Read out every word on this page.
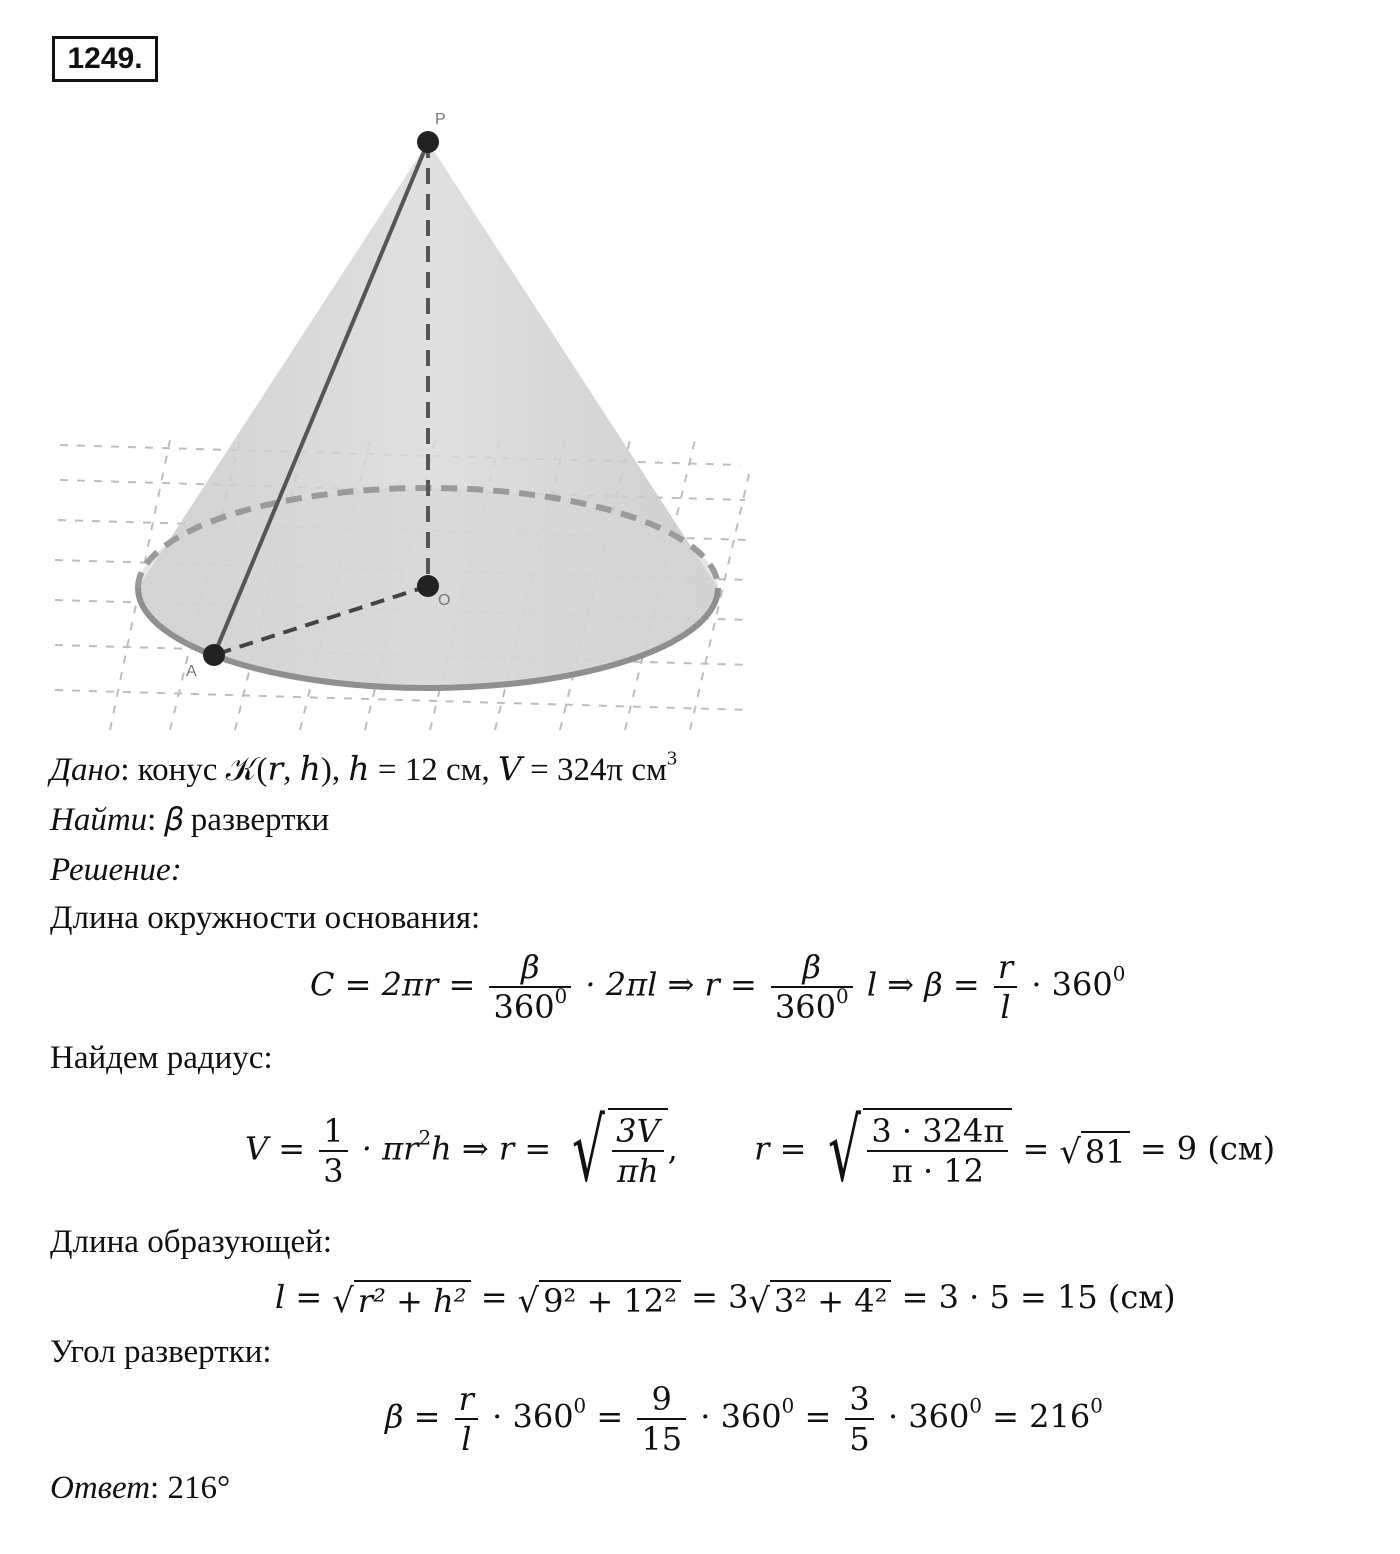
1249.
P
O
A
Дано: конус 𝒦(𝑟, ℎ), ℎ = 12 см, 𝑉 = 324π $см^3$
Найти: 𝛽 развертки
Решение:
Длина окружности основания:
$C = 2\pi r = \frac{\beta}{360^0} \cdot 2\pi l$ ⇒ $r = \frac{\beta}{360^0}$ l ⇒ $\beta = \frac{r}{l} \cdot 360^0$
Найдем радиус:
$V = \frac{1}{3} \cdot \pi r^2h$ ⇒ r = √ $\frac{3V}{\pi h}$ , r = √ $\frac{3 \cdot 324\pi}{\pi \cdot 12}$ = √ 81 = 9 (см)
Длина образующей:
l = √ r² + h² = √ 9² + 12² = 3√ 3² + 4² = 3 · 5 = 15 (см)
Угол развертки:
$\beta = \frac{r}{l} \cdot 360^0 = \frac{9}{15} \cdot 360^0 = \frac{3}{5} \cdot 360^0 = 216^0$
Ответ: 216°
